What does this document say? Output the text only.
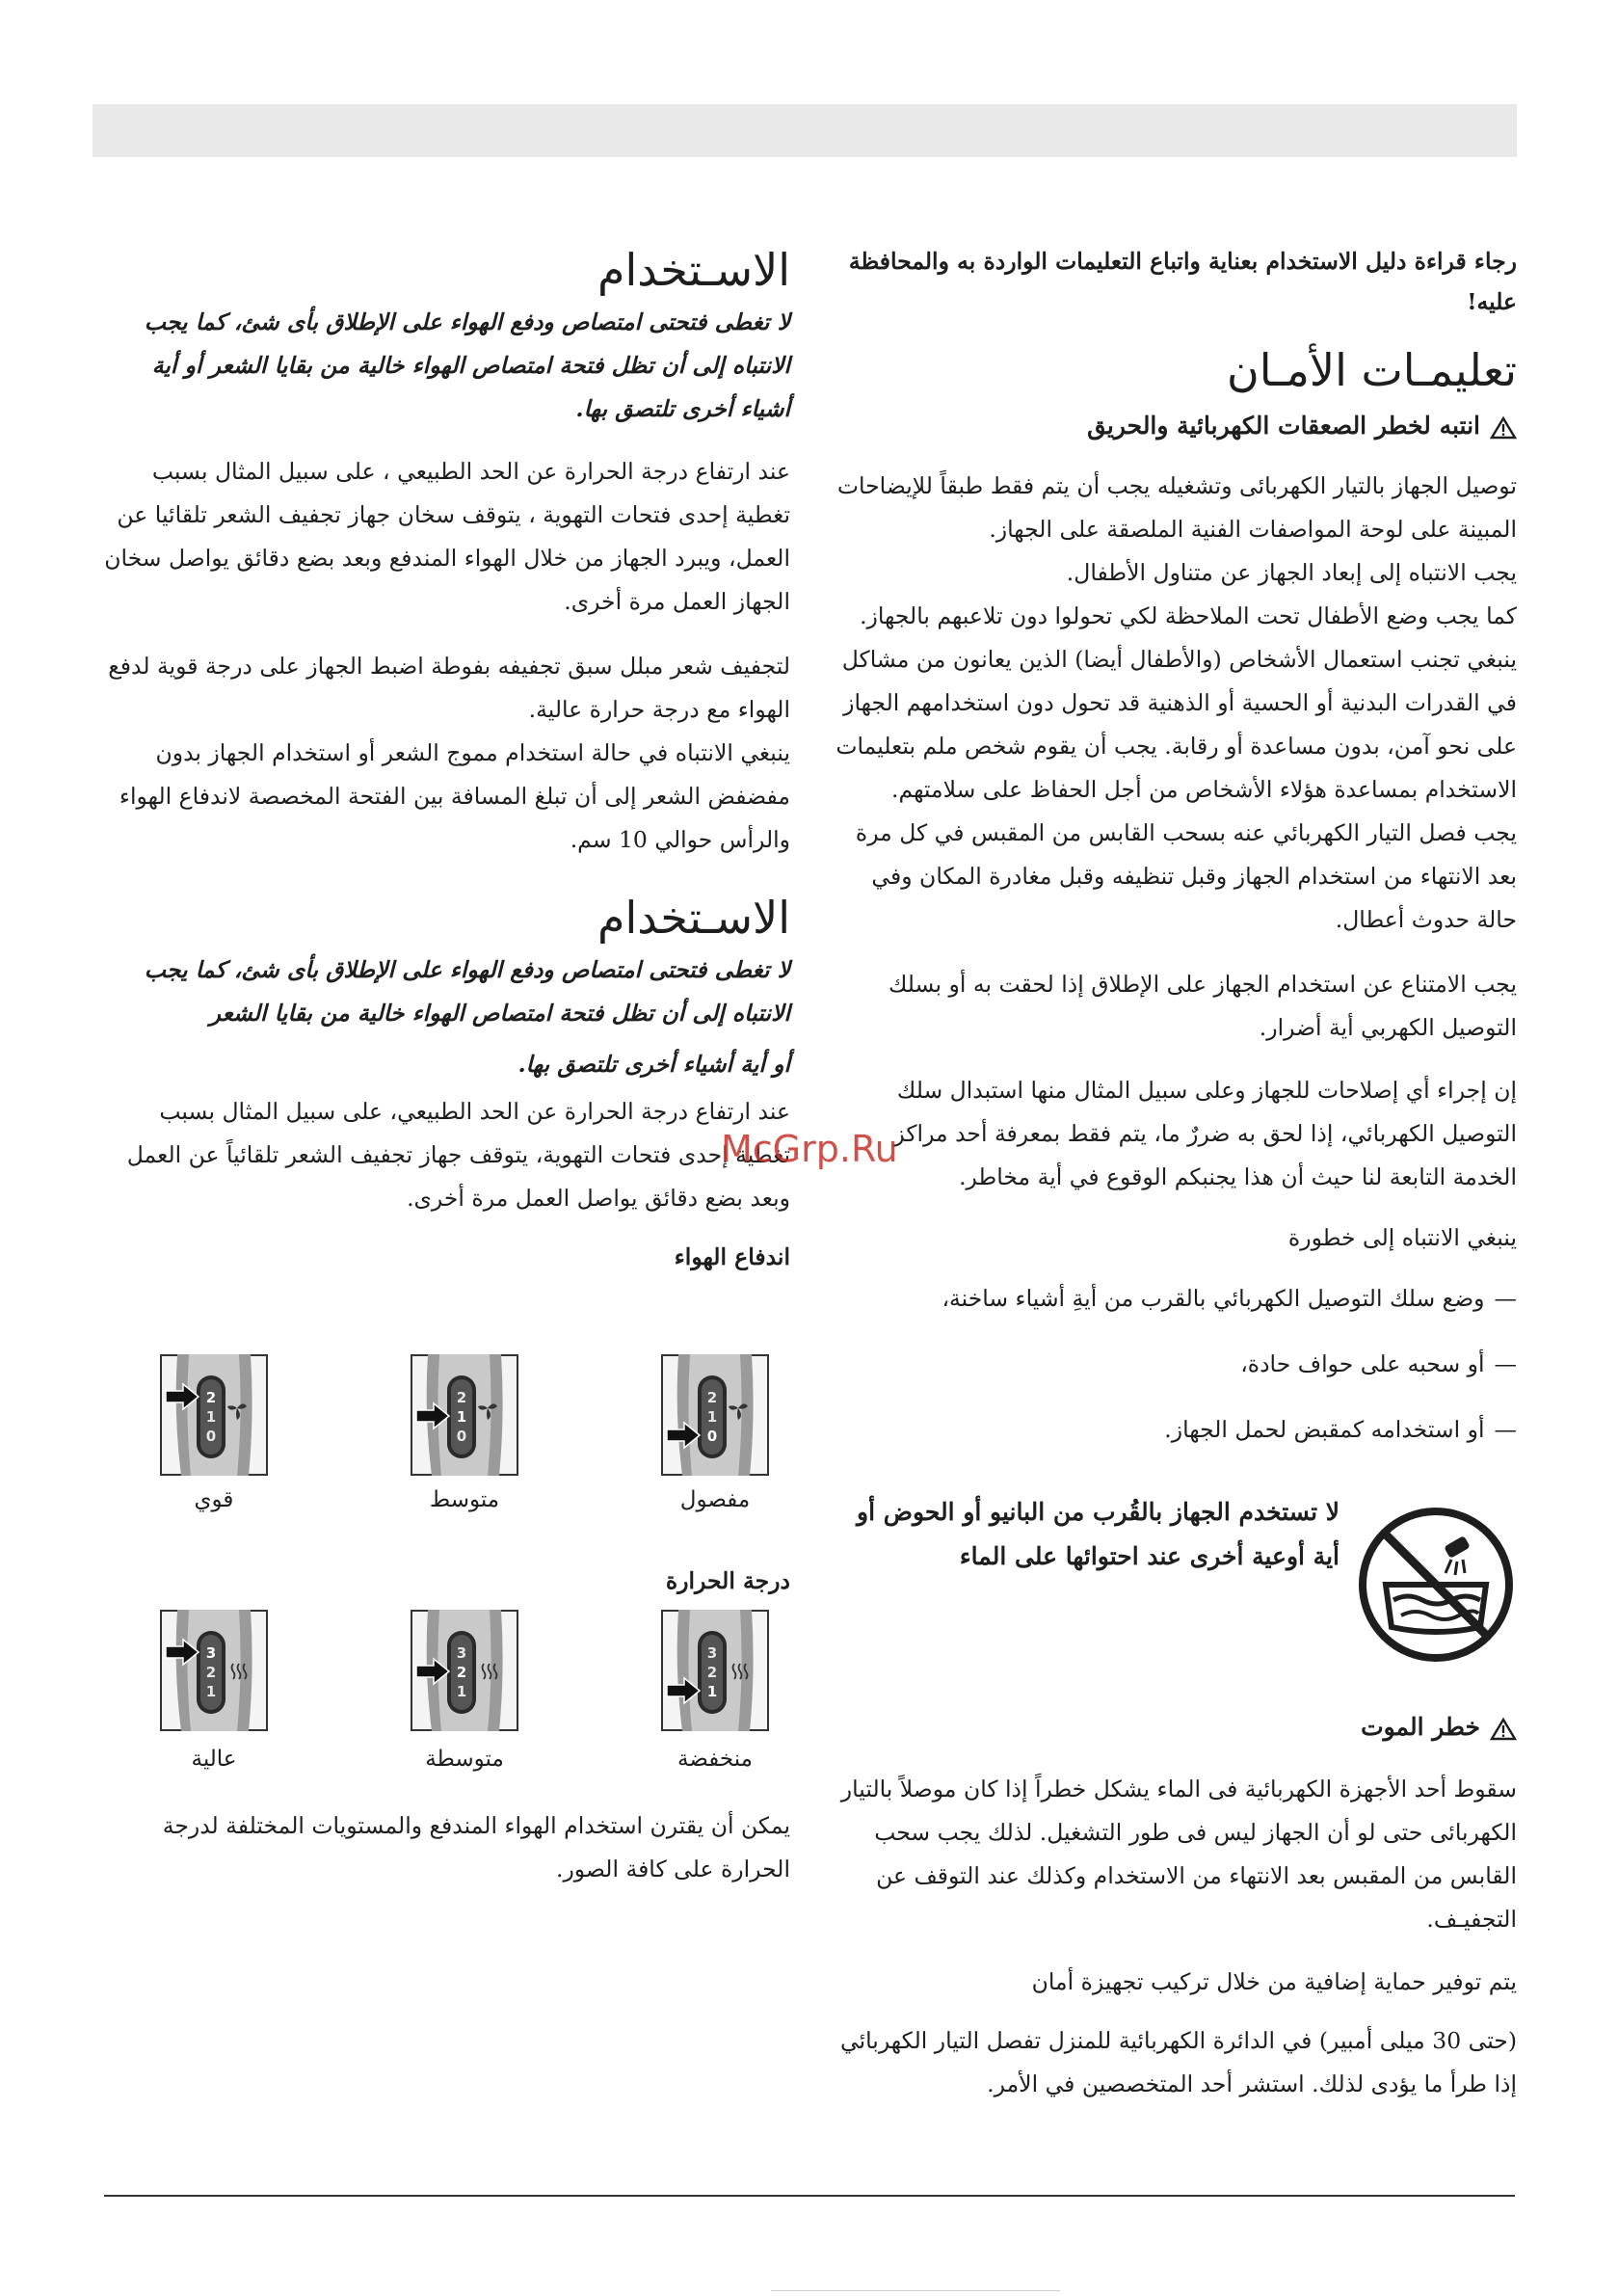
رجاء قراءة دليل الاستخدام بعناية واتباع التعليمات الواردة به والمحافظة عليه!

تعليمـات الأمـان
انتبه لخطر الصعقات الكهربائية والحريق

توصيل الجهاز بالتيار الكهربائى وتشغيله يجب أن يتم فقط طبقاً للإيضاحات المبينة على لوحة المواصفات الفنية الملصقة على الجهاز.

يجب الانتباه إلى إبعاد الجهاز عن متناول الأطفال.

كما يجب وضع الأطفال تحت الملاحظة لكي تحولوا دون تلاعبهم بالجهاز.

ينبغي تجنب استعمال الأشخاص (والأطفال أيضا) الذين يعانون من مشاكل في القدرات البدنية أو الحسية أو الذهنية قد تحول دون استخدامهم الجهاز على نحو آمن، بدون مساعدة أو رقابة. يجب أن يقوم شخص ملم بتعليمات الاستخدام بمساعدة هؤلاء الأشخاص من أجل الحفاظ على سلامتهم.

يجب فصل التيار الكهربائي عنه بسحب القابس من المقبس في كل مرة بعد الانتهاء من استخدام الجهاز وقبل تنظيفه وقبل مغادرة المكان وفي حالة حدوث أعطال.

يجب الامتناع عن استخدام الجهاز على الإطلاق إذا لحقت به أو بسلك التوصيل الكهربي أية أضرار.

إن إجراء أي إصلاحات للجهاز وعلى سبيل المثال منها استبدال سلك التوصيل الكهربائي، إذا لحق به ضررٌ ما، يتم فقط بمعرفة أحد مراكز الخدمة التابعة لنا حيث أن هذا يجنبكم الوقوع في أية مخاطر.

ينبغي الانتباه إلى خطورة

—وضع سلك التوصيل الكهربائي بالقرب من أيةِ أشياء ساخنة،

—أو سحبه على حواف حادة،

—أو استخدامه كمقبض لحمل الجهاز.

لا تستخدم الجهاز بالقُرب من البانيو أو الحوض أو أية أوعية أخرى عند احتوائها على الماء

خطر الموت

سقوط أحد الأجهزة الكهربائية فى الماء يشكل خطراً إذا كان موصلاً بالتيار الكهربائى حتى لو أن الجهاز ليس فى طور التشغيل. لذلك يجب سحب القابس من المقبس بعد الانتهاء من الاستخدام وكذلك عند التوقف عن التجفيـف.

يتم توفير حماية إضافية من خلال تركيب تجهيزة أمان

(حتى 30 ميلى أمبير) في الدائرة الكهربائية للمنزل تفصل التيار الكهربائي إذا طرأ ما يؤدى لذلك. استشر أحد المتخصصين في الأمر.

الاسـتخدام

لا تغطى فتحتى امتصاص ودفع الهواء على الإطلاق بأى شئ، كما يجب الانتباه إلى أن تظل فتحة امتصاص الهواء خالية من بقايا الشعر أو أية أشياء أخرى تلتصق بها.

عند ارتفاع درجة الحرارة عن الحد الطبيعي ، على سبيل المثال بسبب تغطية إحدى فتحات التهوية ، يتوقف سخان جهاز تجفيف الشعر تلقائيا عن العمل، ويبرد الجهاز من خلال الهواء المندفع وبعد بضع دقائق يواصل سخان الجهاز العمل مرة أخرى.

لتجفيف شعر مبلل سبق تجفيفه بفوطة اضبط الجهاز على درجة قوية لدفع الهواء مع درجة حرارة عالية.

ينبغي الانتباه في حالة استخدام مموج الشعر أو استخدام الجهاز بدون مفضفض الشعر إلى أن تبلغ المسافة بين الفتحة المخصصة لاندفاع الهواء والرأس حوالي 10 سم.

الاسـتخدام

لا تغطى فتحتى امتصاص ودفع الهواء على الإطلاق بأى شئ، كما يجب الانتباه إلى أن تظل فتحة امتصاص الهواء خالية من بقايا الشعر

أو أية أشياء أخرى تلتصق بها.

عند ارتفاع درجة الحرارة عن الحد الطبيعي، على سبيل المثال بسبب تغطية إحدى فتحات التهوية، يتوقف جهاز تجفيف الشعر تلقائياً عن العمل وبعد بضع دقائق يواصل العمل مرة أخرى.

اندفاع الهواء

2
1
0
مفصول
2
1
0
متوسط
2
1
0
قوي

درجة الحرارة

3
2
1
منخفضة
3
2
1
متوسطة
3
2
1
عالية

يمكن أن يقترن استخدام الهواء المندفع والمستويات المختلفة لدرجة الحرارة على كافة الصور.

McGrp.Ru
